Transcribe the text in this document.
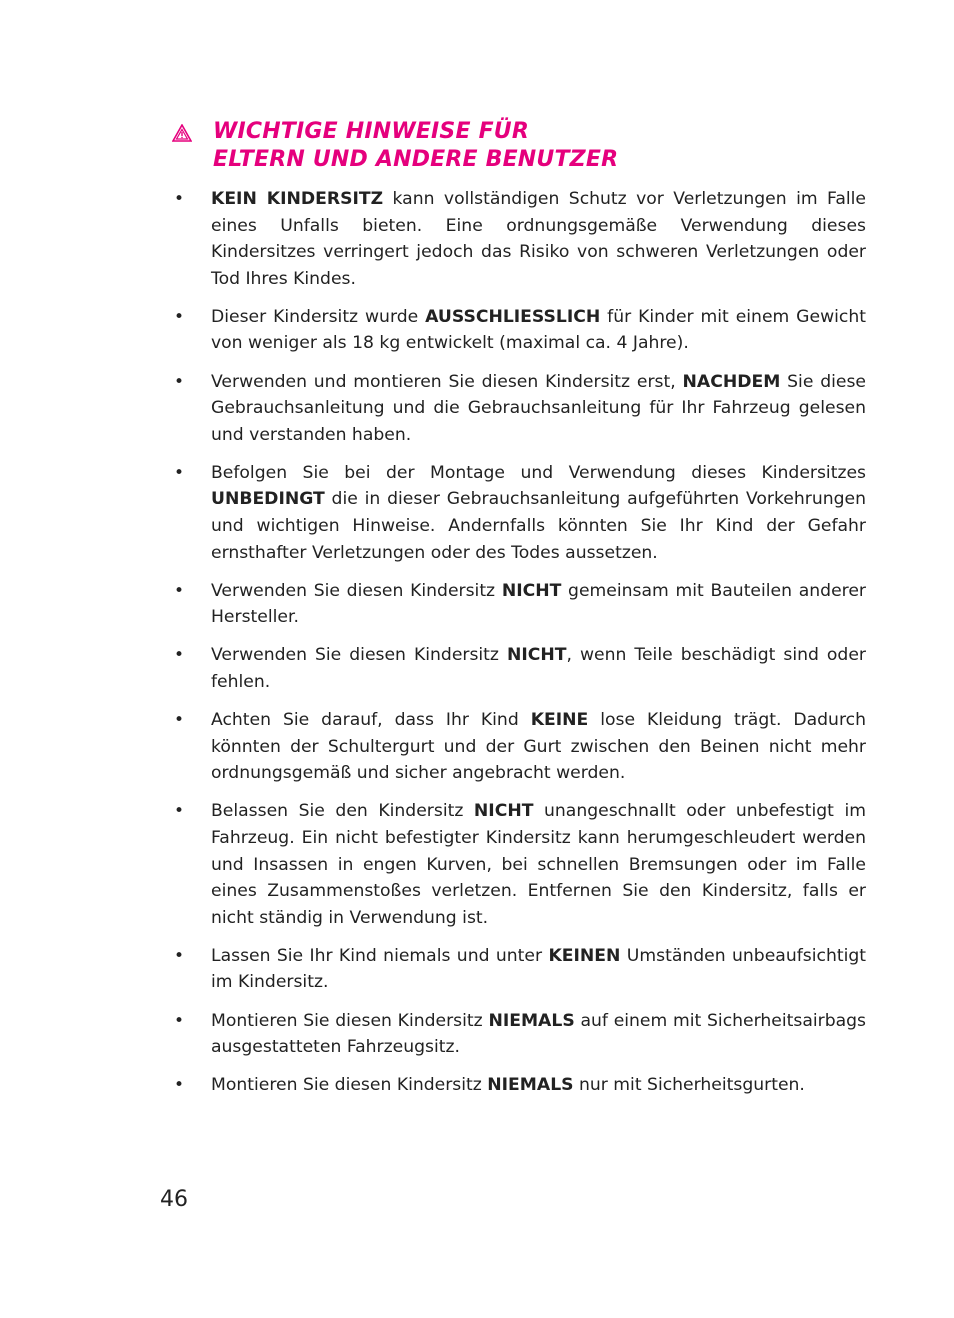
WICHTIGE HINWEISE FÜR
ELTERN UND ANDERE BENUTZER
• KEIN KINDERSITZ kann vollständigen Schutz vor Verletzungen im Falle eines Unfalls bieten. Eine ordnungsgemäße Verwendung dieses Kindersitzes verringert jedoch das Risiko von schweren Verletzungen oder Tod Ihres Kindes.
• Dieser Kindersitz wurde AUSSCHLIESSLICH für Kinder mit einem Gewicht von weniger als 18 kg entwickelt (maximal ca. 4 Jahre).
• Verwenden und montieren Sie diesen Kindersitz erst, NACHDEM Sie diese Gebrauchsanleitung und die Gebrauchsanleitung für Ihr Fahrzeug gelesen und verstanden haben.
• Befolgen Sie bei der Montage und Verwendung dieses Kindersitzes UNBEDINGT die in dieser Gebrauchsanleitung aufgeführten Vorkehrungen und wichtigen Hinweise. Andernfalls könnten Sie Ihr Kind der Gefahr ernsthafter Verletzungen oder des Todes aussetzen.
• Verwenden Sie diesen Kindersitz NICHT gemeinsam mit Bauteilen anderer Hersteller.
• Verwenden Sie diesen Kindersitz NICHT, wenn Teile beschädigt sind oder fehlen.
• Achten Sie darauf, dass Ihr Kind KEINE lose Kleidung trägt. Dadurch könnten der Schultergurt und der Gurt zwischen den Beinen nicht mehr ordnungsgemäß und sicher angebracht werden.
• Belassen Sie den Kindersitz NICHT unangeschnallt oder unbefestigt im Fahrzeug. Ein nicht befestigter Kindersitz kann herumgeschleudert werden und Insassen in engen Kurven, bei schnellen Bremsungen oder im Falle eines Zusammenstoßes verletzen. Entfernen Sie den Kindersitz, falls er nicht ständig in Verwendung ist.
• Lassen Sie Ihr Kind niemals und unter KEINEN Umständen unbeaufsichtigt im Kindersitz.
• Montieren Sie diesen Kindersitz NIEMALS auf einem mit Sicherheitsairbags ausgestatteten Fahrzeugsitz.
• Montieren Sie diesen Kindersitz NIEMALS nur mit Sicherheitsgurten.
46
